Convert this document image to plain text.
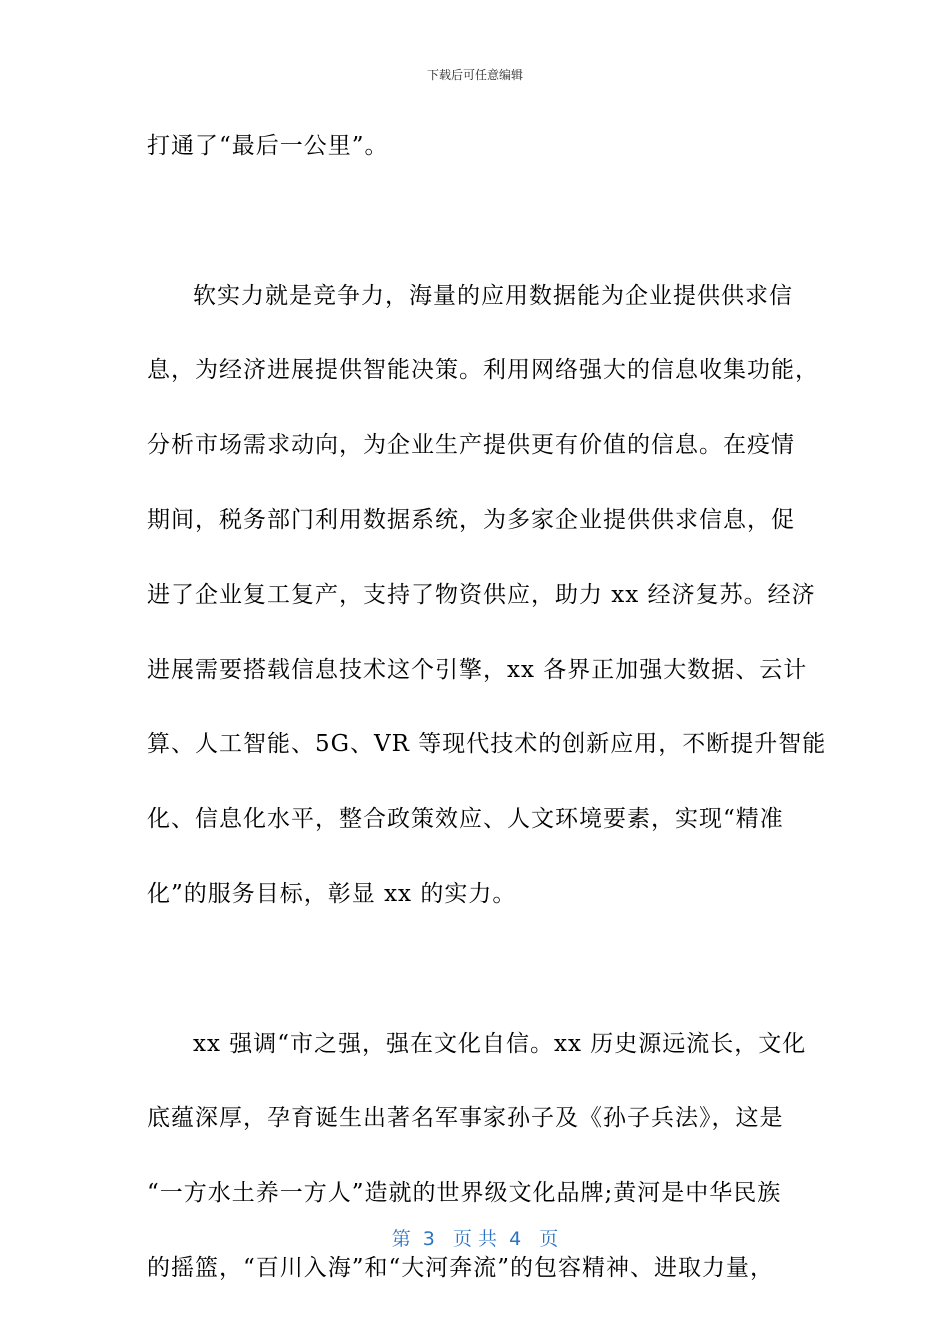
下载后可任意编辑
打通了“最后一公里”。
软实力就是竞争力，海量的应用数据能为企业提供供求信
息，为经济进展提供智能决策。利用网络强大的信息收集功能，
分析市场需求动向，为企业生产提供更有价值的信息。在疫情
期间，税务部门利用数据系统，为多家企业提供供求信息，促
进了企业复工复产，支持了物资供应，助力 xx 经济复苏。经济
进展需要搭载信息技术这个引擎，xx 各界正加强大数据、云计
算、人工智能、5G、VR 等现代技术的创新应用，不断提升智能
化、信息化水平，整合政策效应、人文环境要素，实现“精准
化”的服务目标，彰显 xx 的实力。
xx 强调“市之强，强在文化自信。xx 历史源远流长，文化
底蕴深厚，孕育诞生出著名军事家孙子及《孙子兵法》，这是
“一方水土养一方人”造就的世界级文化品牌;黄河是中华民族
的摇篮，“百川入海”和“大河奔流”的包容精神、进取力量，
第  3   页 共  4   页
